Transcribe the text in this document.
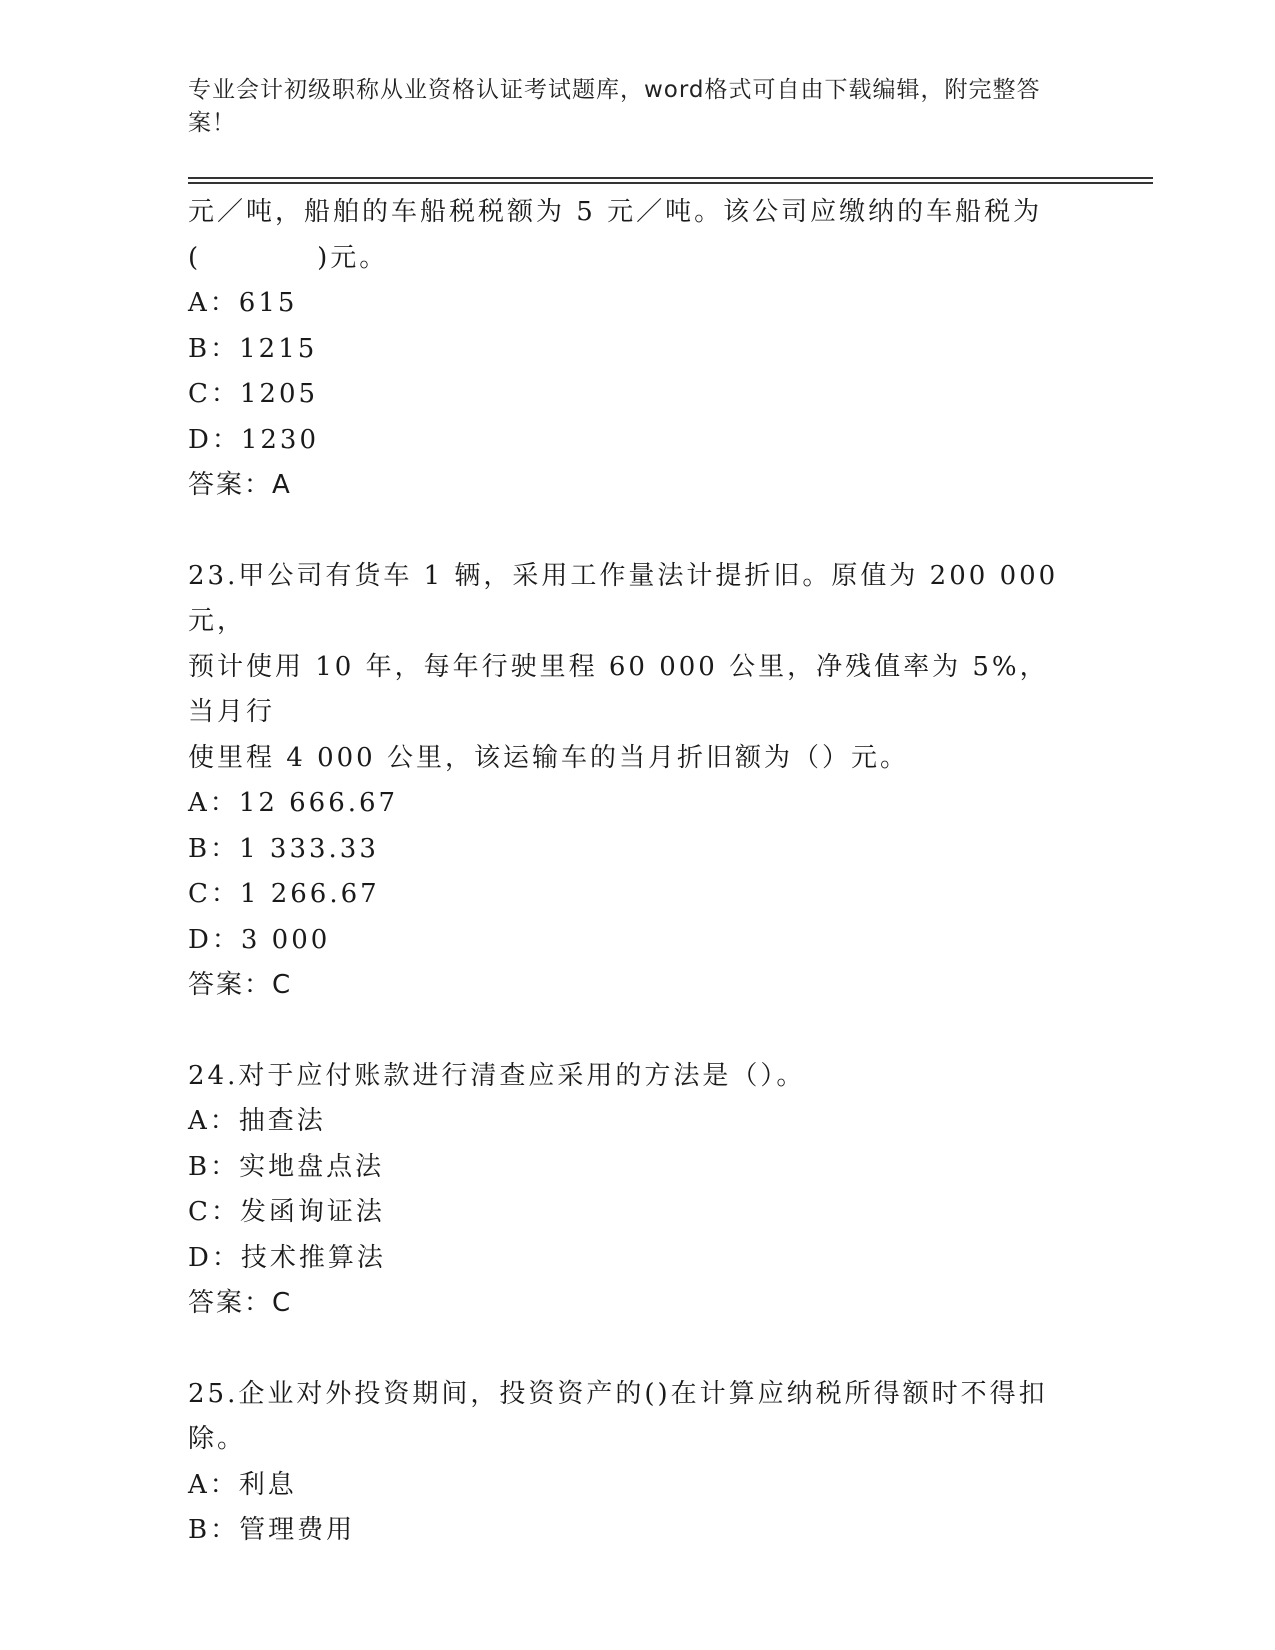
专业会计初级职称从业资格认证考试题库，word格式可自由下载编辑，附完整答案！
元／吨，船舶的车船税税额为 5 元／吨。该公司应缴纳的车船税为
(　　　　)元。
A：615
B：1215
C：1205
D：1230
答案：A
23.甲公司有货车 1 辆，采用工作量法计提折旧。原值为 200 000 元，
预计使用 10 年，每年行驶里程 60 000 公里，净残值率为 5%，当月行
使里程 4 000 公里，该运输车的当月折旧额为（）元。
A：12 666.67
B：1 333.33
C：1 266.67
D：3 000
答案：C
24.对于应付账款进行清查应采用的方法是（）。
A：抽查法
B：实地盘点法
C：发函询证法
D：技术推算法
答案：C
25.企业对外投资期间，投资资产的()在计算应纳税所得额时不得扣
除。
A：利息
B：管理费用
